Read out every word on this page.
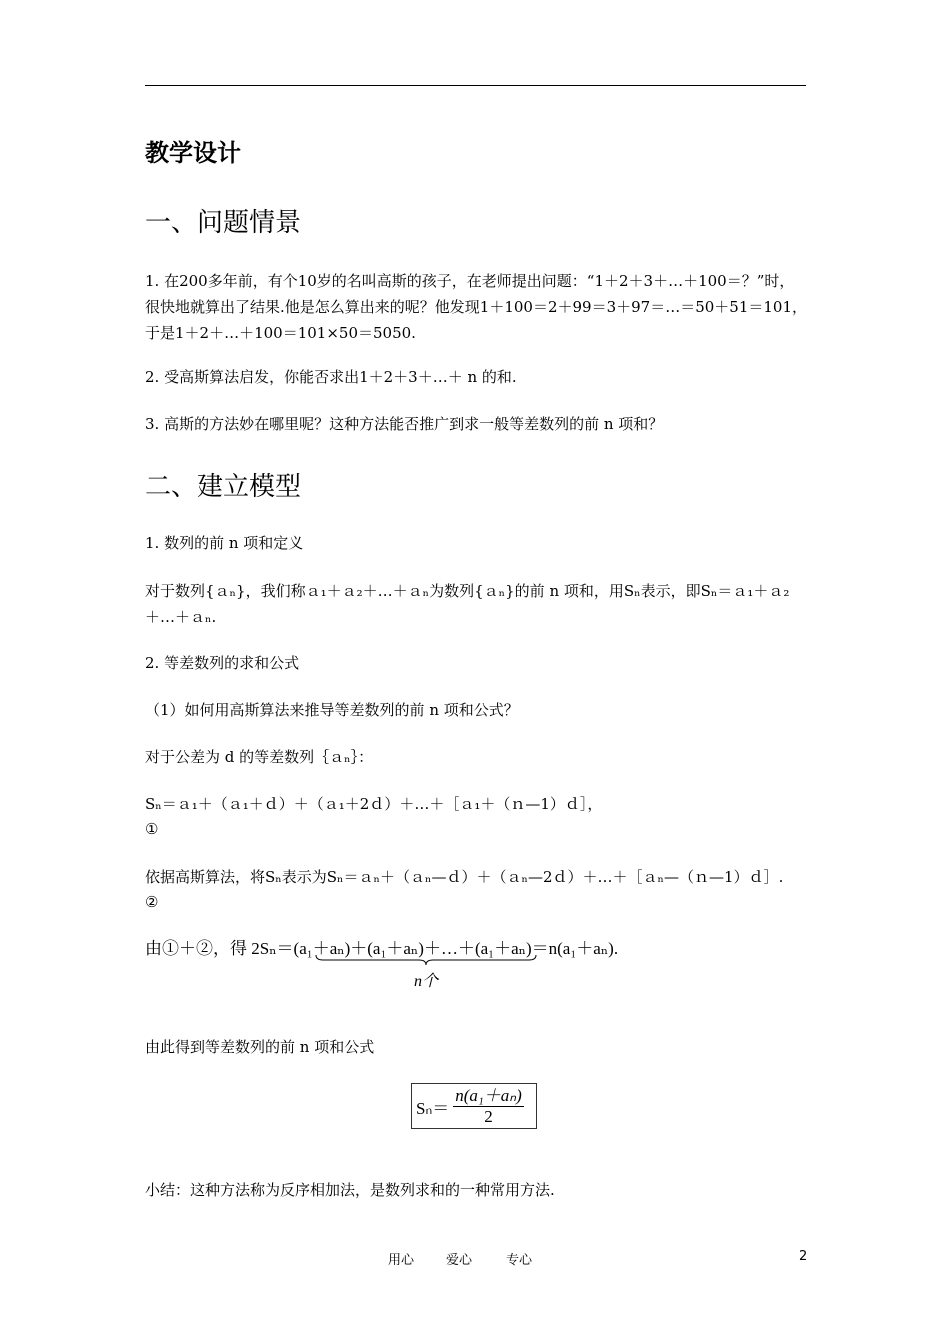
教学设计
一、问题情景
1. 在200多年前，有个10岁的名叫高斯的孩子，在老师提出问题：“1＋2＋3＋…＋100＝？”时，很快地就算出了结果.他是怎么算出来的呢？他发现1＋100＝2＋99＝3＋97＝…＝50＋51＝101，于是1＋2＋…＋100＝101×50＝5050.
2. 受高斯算法启发，你能否求出1＋2＋3＋…＋ n 的和.
3. 高斯的方法妙在哪里呢？这种方法能否推广到求一般等差数列的前 n 项和？
二、建立模型
1. 数列的前 n 项和定义
对于数列{ａₙ}，我们称ａ₁＋ａ₂＋…＋ａₙ为数列{ａₙ}的前 n 项和，用Sₙ表示，即Sₙ＝ａ₁＋ａ₂＋…＋ａₙ.
2. 等差数列的求和公式
（1）如何用高斯算法来推导等差数列的前 n 项和公式？
对于公差为 d 的等差数列｛ａₙ｝：
Sₙ＝ａ₁＋（ａ₁＋ｄ）＋（ａ₁＋2ｄ）＋…＋［ａ₁＋（ｎ—1）ｄ］，
①
依据高斯算法，将Sₙ表示为Sₙ＝ａₙ＋（ａₙ—ｄ）＋（ａₙ—2ｄ）＋…＋［ａₙ—（ｎ—1）ｄ］.
②
由①＋②，得 2Sₙ＝(a₁＋aₙ)＋(a₁＋aₙ)＋…＋(a₁＋aₙ)＝n(a₁＋aₙ).
n个
由此得到等差数列的前 n 项和公式
$S_n= \frac{\text{n(a₁＋aₙ)}}{2}$
小结：这种方法称为反序相加法，是数列求和的一种常用方法.
用心 爱心	专心	2
